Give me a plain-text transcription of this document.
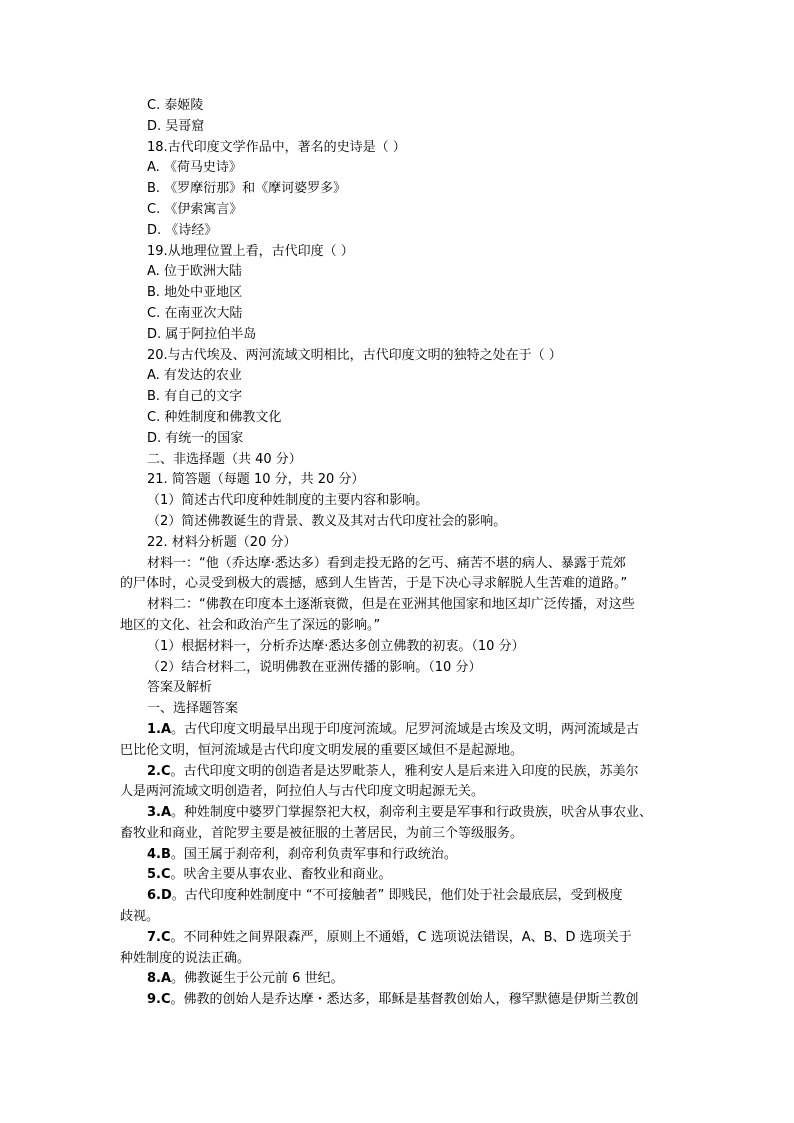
C. 泰姬陵
D. 吴哥窟
18.古代印度文学作品中，著名的史诗是（ ）
A. 《荷马史诗》
B. 《罗摩衍那》和《摩诃婆罗多》
C. 《伊索寓言》
D. 《诗经》
19.从地理位置上看，古代印度（ ）
A. 位于欧洲大陆
B. 地处中亚地区
C. 在南亚次大陆
D. 属于阿拉伯半岛
20.与古代埃及、两河流域文明相比，古代印度文明的独特之处在于（ ）
A. 有发达的农业
B. 有自己的文字
C. 种姓制度和佛教文化
D. 有统一的国家
二、非选择题（共 40 分）
21. 简答题（每题 10 分，共 20 分）
（1）简述古代印度种姓制度的主要内容和影响。
（2）简述佛教诞生的背景、教义及其对古代印度社会的影响。
22. 材料分析题（20 分）
材料一：“他（乔达摩·悉达多）看到走投无路的乞丐、痛苦不堪的病人、暴露于荒郊
的尸体时，心灵受到极大的震撼，感到人生皆苦，于是下决心寻求解脱人生苦难的道路。”
材料二：“佛教在印度本土逐渐衰微，但是在亚洲其他国家和地区却广泛传播，对这些
地区的文化、社会和政治产生了深远的影响。”
（1）根据材料一，分析乔达摩·悉达多创立佛教的初衷。（10 分）
（2）结合材料二，说明佛教在亚洲传播的影响。（10 分）
答案及解析
一、选择题答案
1.A。古代印度文明最早出现于印度河流域。尼罗河流域是古埃及文明，两河流域是古
巴比伦文明，恒河流域是古代印度文明发展的重要区域但不是起源地。
2.C。古代印度文明的创造者是达罗毗荼人，雅利安人是后来进入印度的民族，苏美尔
人是两河流域文明创造者，阿拉伯人与古代印度文明起源无关。
3.A。种姓制度中婆罗门掌握祭祀大权，刹帝利主要是军事和行政贵族，吠舍从事农业、
畜牧业和商业，首陀罗主要是被征服的土著居民，为前三个等级服务。
4.B。国王属于刹帝利，刹帝利负责军事和行政统治。
5.C。吠舍主要从事农业、畜牧业和商业。
6.D。古代印度种姓制度中 “不可接触者” 即贱民，他们处于社会最底层，受到极度
歧视。
7.C。不同种姓之间界限森严，原则上不通婚，C 选项说法错误，A、B、D 选项关于
种姓制度的说法正确。
8.A。佛教诞生于公元前 6 世纪。
9.C。佛教的创始人是乔达摩・悉达多，耶稣是基督教创始人，穆罕默德是伊斯兰教创
